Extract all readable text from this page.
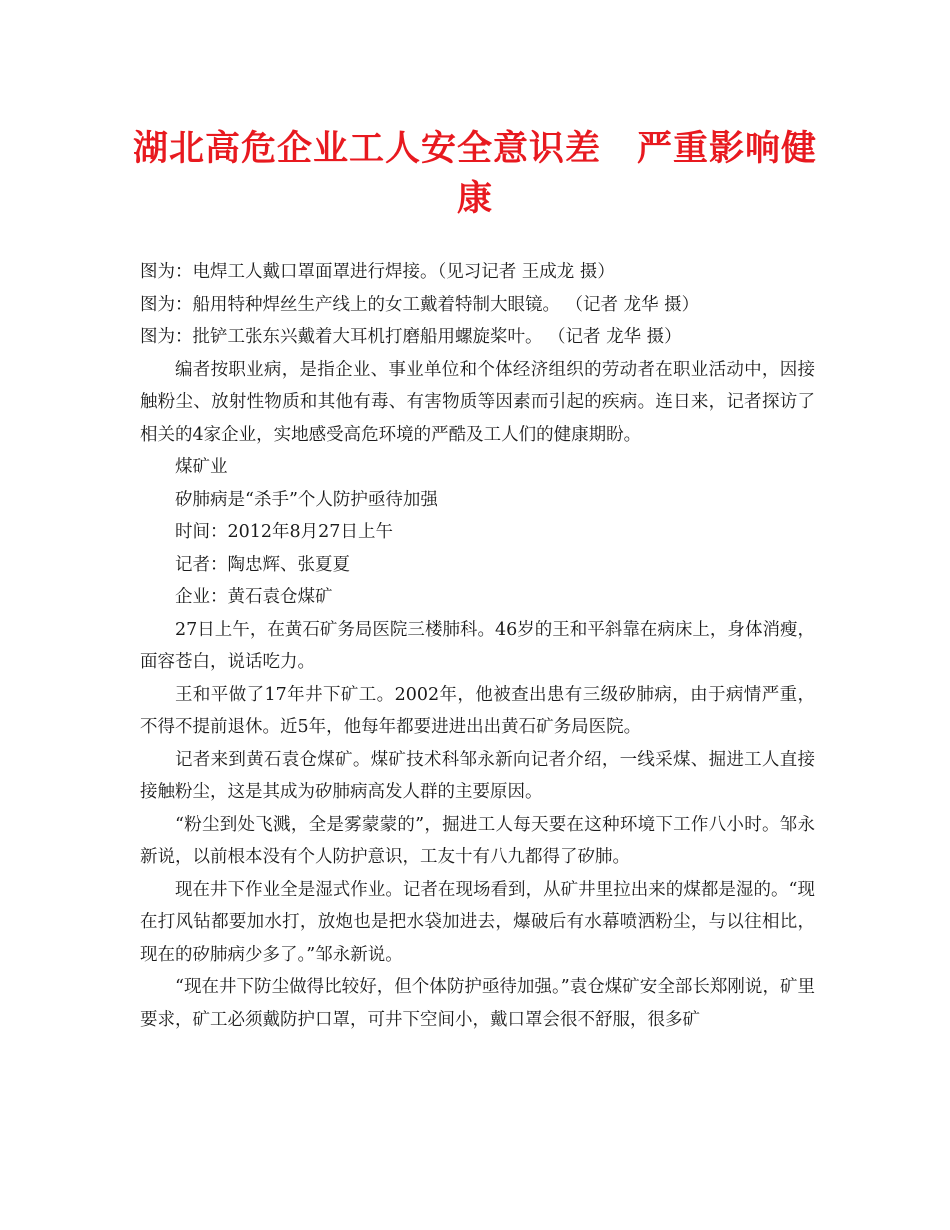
湖北高危企业工人安全意识差　严重影响健
康

图为：电焊工人戴口罩面罩进行焊接。（见习记者 王成龙 摄）

图为：船用特种焊丝生产线上的女工戴着特制大眼镜。 （记者 龙华 摄）

图为：批铲工张东兴戴着大耳机打磨船用螺旋桨叶。 （记者 龙华 摄）

编者按职业病，是指企业、事业单位和个体经济组织的劳动者在职业活动中，因接触粉尘、放射性物质和其他有毒、有害物质等因素而引起的疾病。连日来，记者探访了相关的4家企业，实地感受高危环境的严酷及工人们的健康期盼。

煤矿业

矽肺病是“杀手”个人防护亟待加强

时间：2012年8月27日上午

记者：陶忠辉、张夏夏

企业：黄石袁仓煤矿

27日上午，在黄石矿务局医院三楼肺科。46岁的王和平斜靠在病床上，身体消瘦，面容苍白，说话吃力。

王和平做了17年井下矿工。2002年，他被查出患有三级矽肺病，由于病情严重，不得不提前退休。近5年，他每年都要进进出出黄石矿务局医院。

记者来到黄石袁仓煤矿。煤矿技术科邹永新向记者介绍，一线采煤、掘进工人直接接触粉尘，这是其成为矽肺病高发人群的主要原因。

“粉尘到处飞溅，全是雾蒙蒙的”，掘进工人每天要在这种环境下工作八小时。邹永新说，以前根本没有个人防护意识，工友十有八九都得了矽肺。

现在井下作业全是湿式作业。记者在现场看到，从矿井里拉出来的煤都是湿的。“现在打风钻都要加水打，放炮也是把水袋加进去，爆破后有水幕喷洒粉尘，与以往相比，现在的矽肺病少多了。”邹永新说。

“现在井下防尘做得比较好，但个体防护亟待加强。”袁仓煤矿安全部长郑刚说，矿里要求，矿工必须戴防护口罩，可井下空间小，戴口罩会很不舒服，很多矿
